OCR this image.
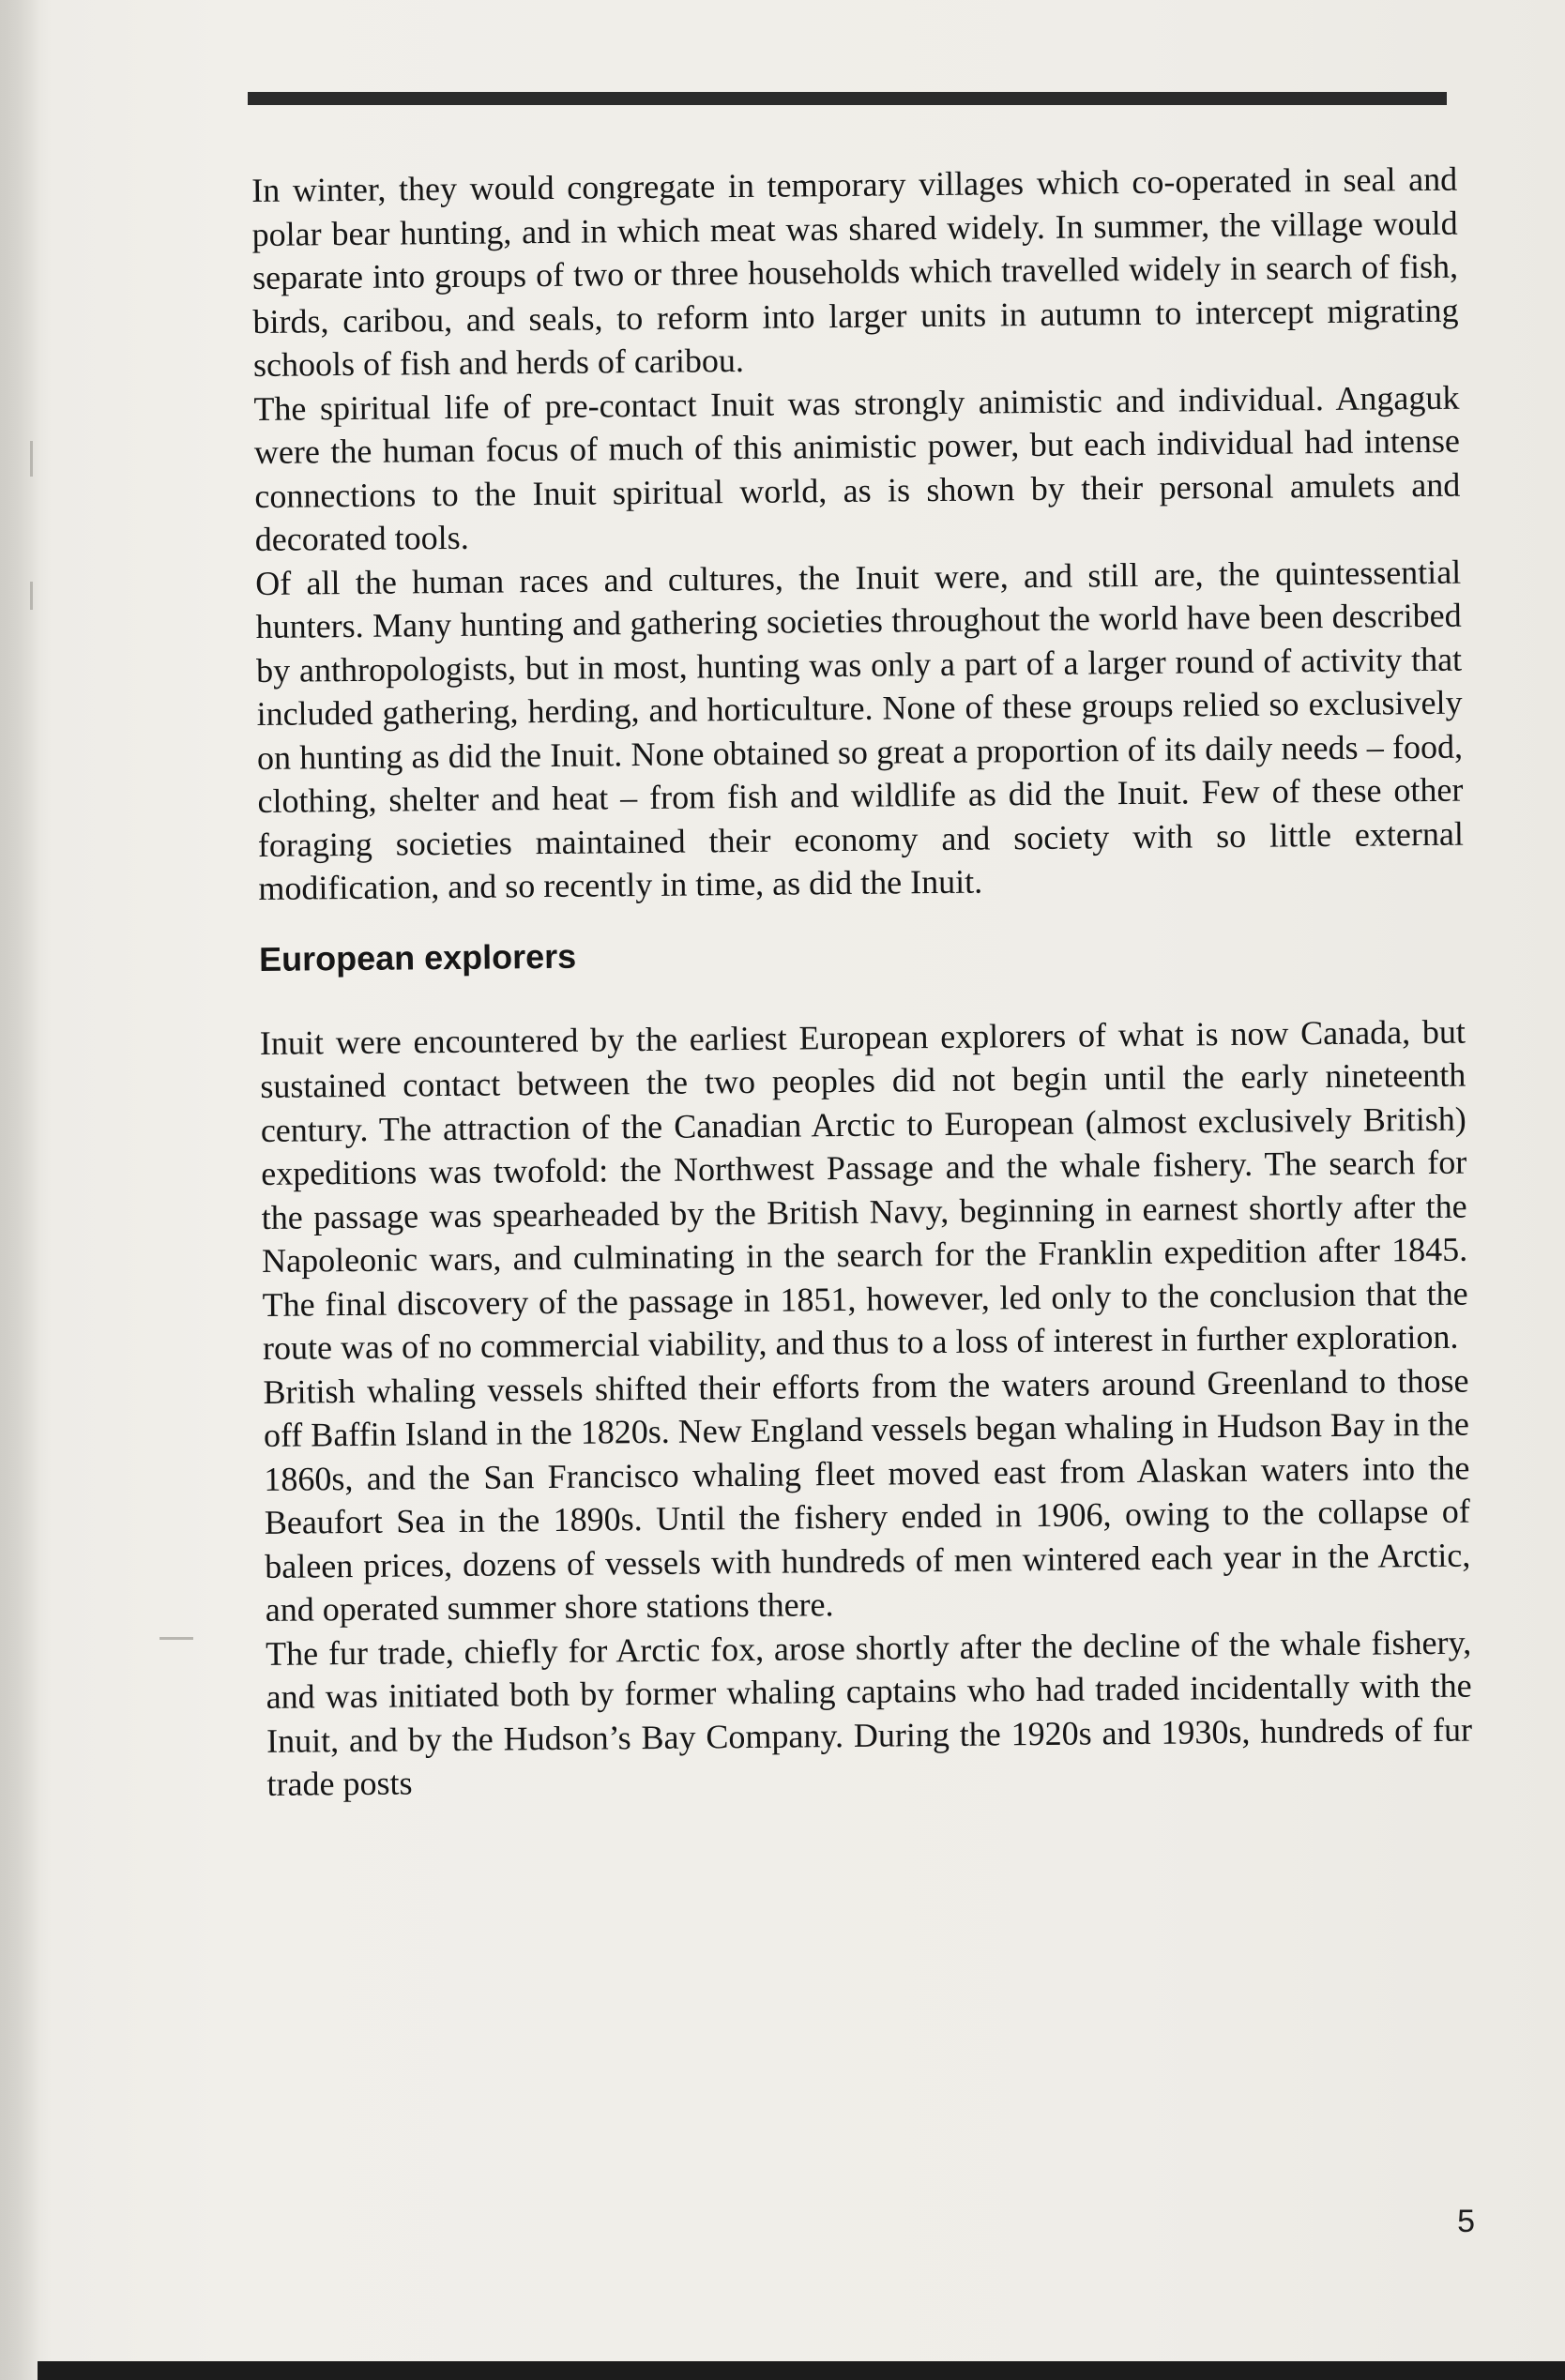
In winter, they would congregate in temporary villages which co-operated in seal and polar bear hunting, and in which meat was shared widely. In summer, the village would separate into groups of two or three households which travelled widely in search of fish, birds, caribou, and seals, to reform into larger units in autumn to intercept migrating schools of fish and herds of caribou.

The spiritual life of pre-contact Inuit was strongly animistic and individual. Angaguk were the human focus of much of this animistic power, but each individual had intense connections to the Inuit spiritual world, as is shown by their personal amulets and decorated tools.

Of all the human races and cultures, the Inuit were, and still are, the quintessential hunters. Many hunting and gathering societies throughout the world have been described by anthropologists, but in most, hunting was only a part of a larger round of activity that included gathering, herding, and horticulture. None of these groups relied so exclusively on hunting as did the Inuit. None obtained so great a proportion of its daily needs – food, clothing, shelter and heat – from fish and wildlife as did the Inuit. Few of these other foraging societies maintained their economy and society with so little external modification, and so recently in time, as did the Inuit.

European explorers

Inuit were encountered by the earliest European explorers of what is now Canada, but sustained contact between the two peoples did not begin until the early nineteenth century. The attraction of the Canadian Arctic to European (almost exclusively British) expeditions was twofold: the Northwest Passage and the whale fishery. The search for the passage was spearheaded by the British Navy, beginning in earnest shortly after the Napoleonic wars, and culminating in the search for the Franklin expedition after 1845. The final discovery of the passage in 1851, however, led only to the conclusion that the route was of no commercial viability, and thus to a loss of interest in further exploration.

British whaling vessels shifted their efforts from the waters around Greenland to those off Baffin Island in the 1820s. New England vessels began whaling in Hudson Bay in the 1860s, and the San Francisco whaling fleet moved east from Alaskan waters into the Beaufort Sea in the 1890s. Until the fishery ended in 1906, owing to the collapse of baleen prices, dozens of vessels with hundreds of men wintered each year in the Arctic, and operated summer shore stations there.

The fur trade, chiefly for Arctic fox, arose shortly after the decline of the whale fishery, and was initiated both by former whaling captains who had traded incidentally with the Inuit, and by the Hudson’s Bay Company. During the 1920s and 1930s, hundreds of fur trade posts

5
